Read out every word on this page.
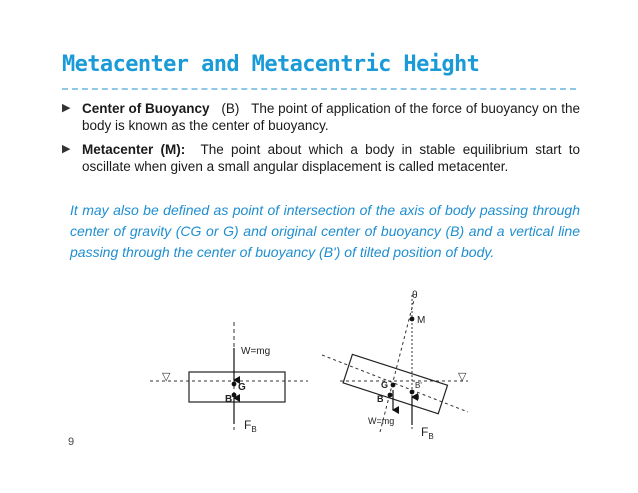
Metacenter and Metacentric Height
▶ Center of Buoyancy (B) The point of application of the force of buoyancy on the body is known as the center of buoyancy.
▶ Metacenter (M): The point about which a body in stable equilibrium start to oscillate when given a small angular displacement is called metacenter.
It may also be defined as point of intersection of the axis of body passing through center of gravity (CG or G) and original center of buoyancy (B) and a vertical line passing through the center of buoyancy (B') of tilted position of body.
▽
W=mg
G
B
$F_B$
▽
θ
M
G
B
B'
θ
W=mg
$F_B$
9
